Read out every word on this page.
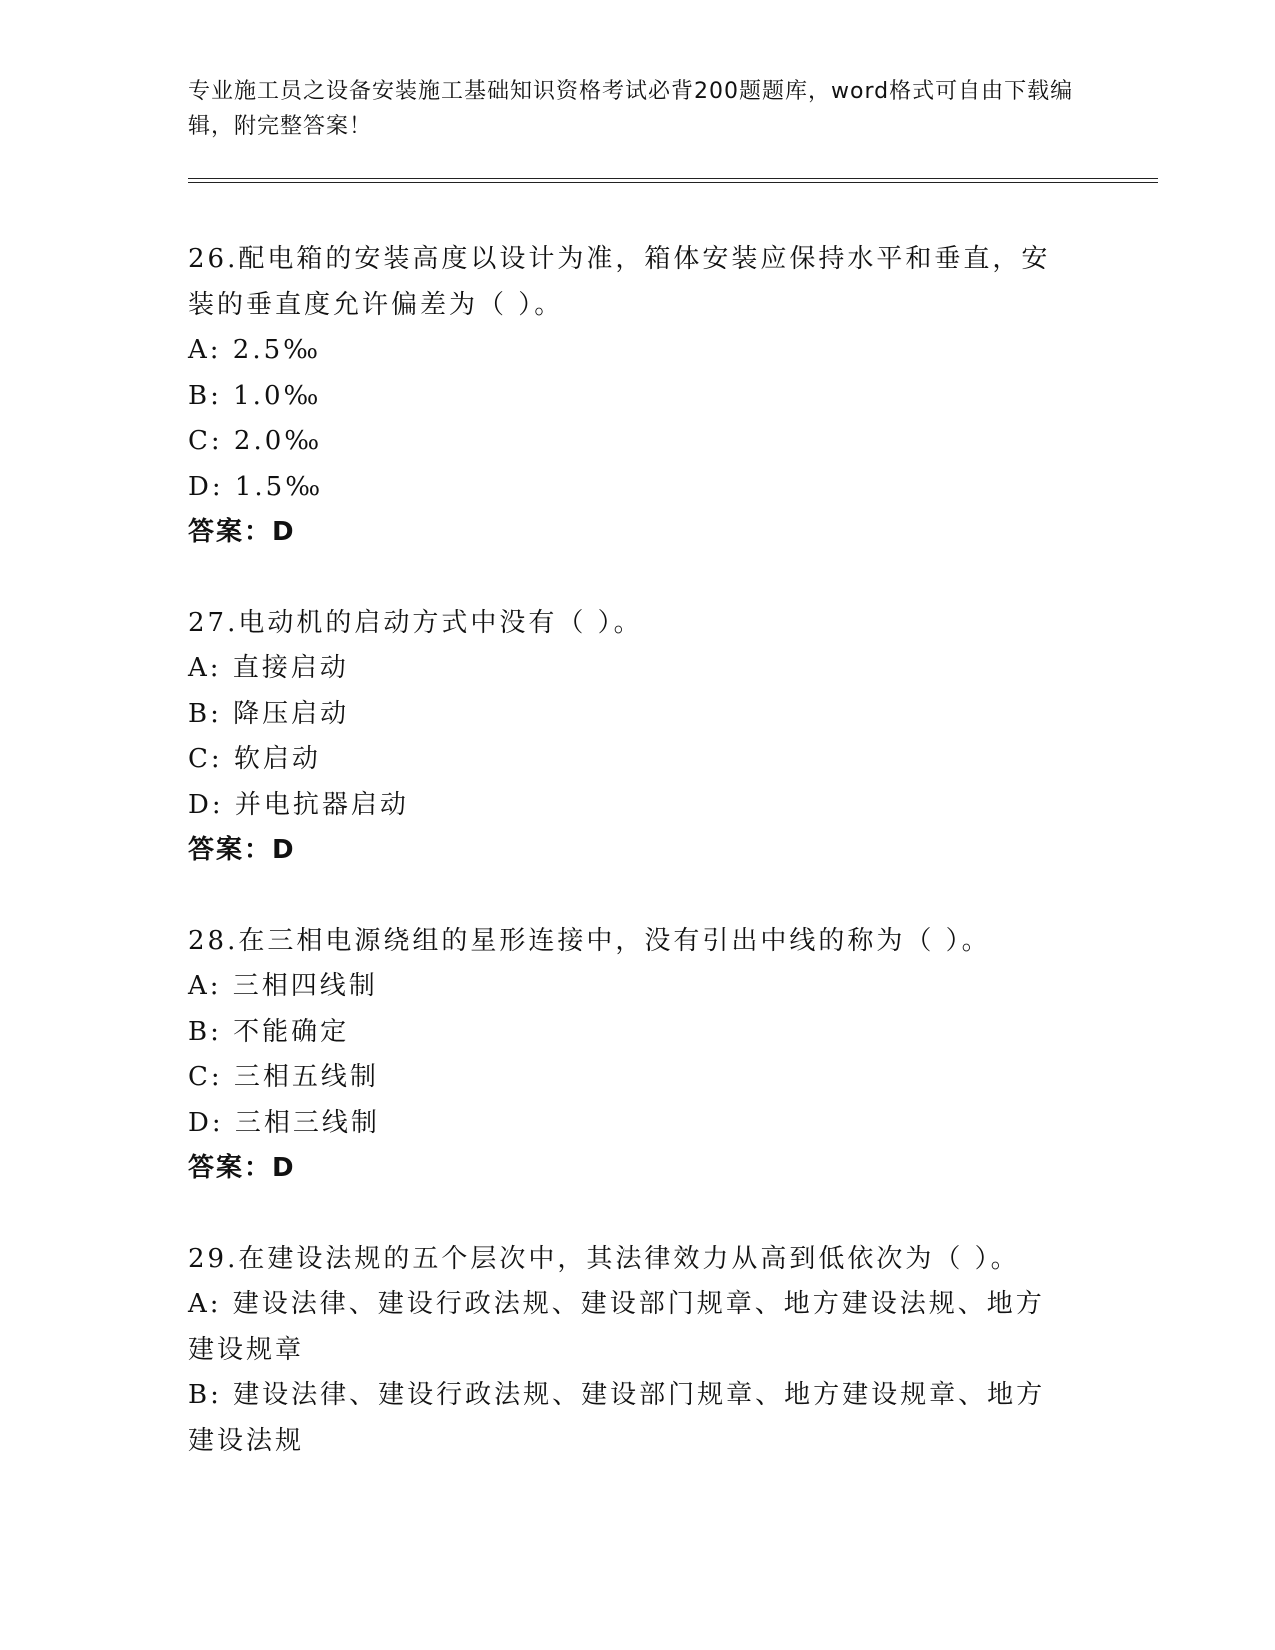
专业施工员之设备安装施工基础知识资格考试必背200题题库，word格式可自由下载编辑，附完整答案！

26.配电箱的安装高度以设计为准，箱体安装应保持水平和垂直，安装的垂直度允许偏差为（ ）。

A: 2.5‰

B: 1.0‰

C: 2.0‰

D: 1.5‰

答案：D

27.电动机的启动方式中没有（ ）。

A: 直接启动

B: 降压启动

C: 软启动

D: 并电抗器启动

答案：D

28.在三相电源绕组的星形连接中，没有引出中线的称为（ ）。

A: 三相四线制

B: 不能确定

C: 三相五线制

D: 三相三线制

答案：D

29.在建设法规的五个层次中，其法律效力从高到低依次为（ ）。

A: 建设法律、建设行政法规、建设部门规章、地方建设法规、地方建设规章

B: 建设法律、建设行政法规、建设部门规章、地方建设规章、地方建设法规
